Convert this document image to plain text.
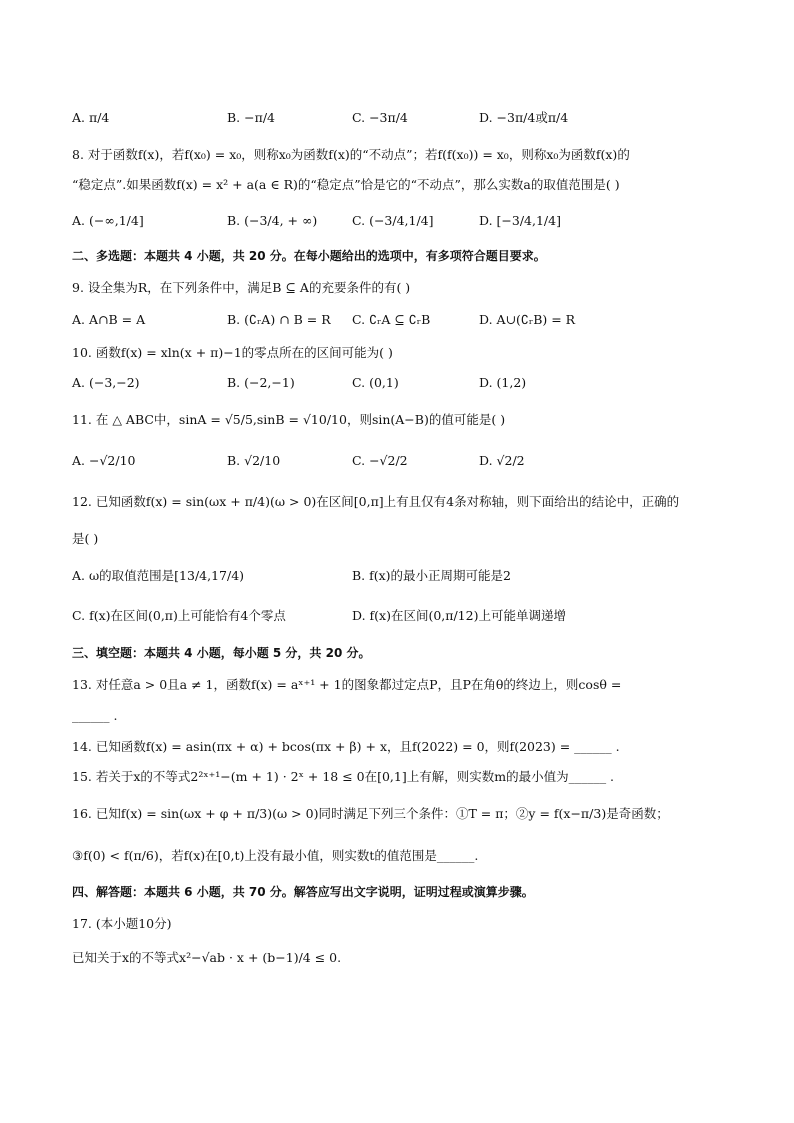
A. π/4	B. −π/4	C. −3π/4	D. −3π/4或π/4
8. 对于函数f(x)，若f(x₀) = x₀，则称x₀为函数f(x)的“不动点”；若f(f(x₀)) = x₀，则称x₀为函数f(x)的
“稳定点”.如果函数f(x) = x² + a(a ∈ R)的“稳定点”恰是它的“不动点”，那么实数a的取值范围是( )
A. (−∞,1/4]	B. (−3/4, + ∞)	C. (−3/4,1/4]	D. [−3/4,1/4]
二、多选题：本题共 4 小题，共 20 分。在每小题给出的选项中，有多项符合题目要求。
9. 设全集为R，在下列条件中，满足B ⊆ A的充要条件的有( )
A. A∩B = A	B. (∁ᵣA) ∩ B = R C. ∁ᵣA ⊆ ∁ᵣB	D. A∪(∁ᵣB) = R
10. 函数f(x) = xln(x + π)−1的零点所在的区间可能为( )
A. (−3,−2)	B. (−2,−1)	C. (0,1)	D. (1,2)
11. 在 △ ABC中，sinA = √5/5,sinB = √10/10，则sin(A−B)的值可能是( )
A. −√2/10	B. √2/10	C. −√2/2	D. √2/2
12. 已知函数f(x) = sin(ωx + π/4)(ω > 0)在区间[0,π]上有且仅有4条对称轴，则下面给出的结论中，正确的
是( )
A. ω的取值范围是[13/4,17/4)	B. f(x)的最小正周期可能是2
C. f(x)在区间(0,π)上可能恰有4个零点	D. f(x)在区间(0,π/12)上可能单调递增
三、填空题：本题共 4 小题，每小题 5 分，共 20 分。
13. 对任意a > 0且a ≠ 1，函数f(x) = aˣ⁺¹ + 1的图象都过定点P，且P在角θ的终边上，则cosθ =
______ .
14. 已知函数f(x) = asin(πx + α) + bcos(πx + β) + x，且f(2022) = 0，则f(2023) = ______ .
15. 若关于x的不等式2²ˣ⁺¹−(m + 1) · 2ˣ + 18 ≤ 0在[0,1]上有解，则实数m的最小值为______ .
16. 已知f(x) = sin(ωx + φ + π/3)(ω > 0)同时满足下列三个条件：①T = π；②y = f(x−π/3)是奇函数；
③f(0) < f(π/6)，若f(x)在[0,t)上没有最小值，则实数t的值范围是______.
四、解答题：本题共 6 小题，共 70 分。解答应写出文字说明，证明过程或演算步骤。
17. (本小题10分)
已知关于x的不等式x²−√ab · x + (b−1)/4 ≤ 0.
